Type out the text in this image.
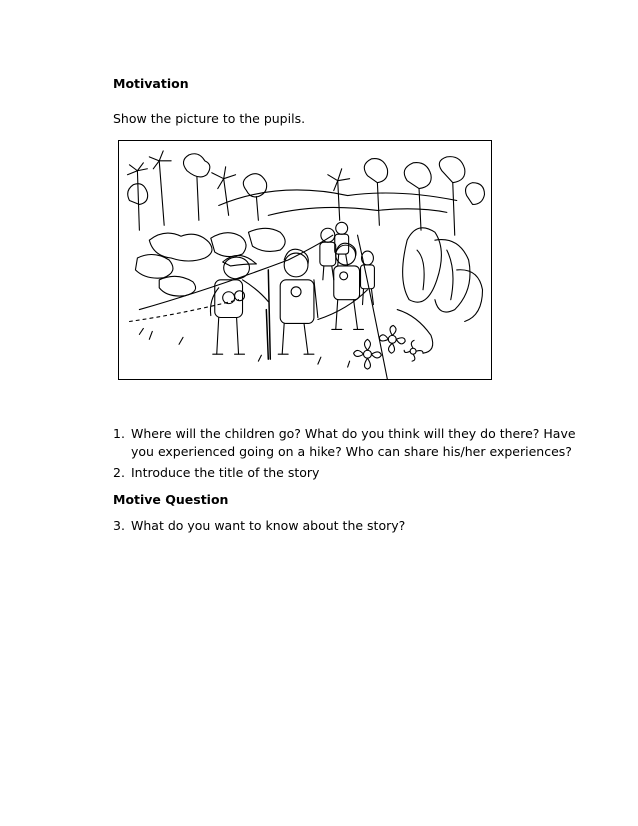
Motivation

Show the picture to the pupils.

1. Where will the children go? What do you think will they do there? Have you experienced going on a hike? Who can share his/her experiences?
2. Introduce the title of the story

Motive Question

3. What do you want to know about the story?
